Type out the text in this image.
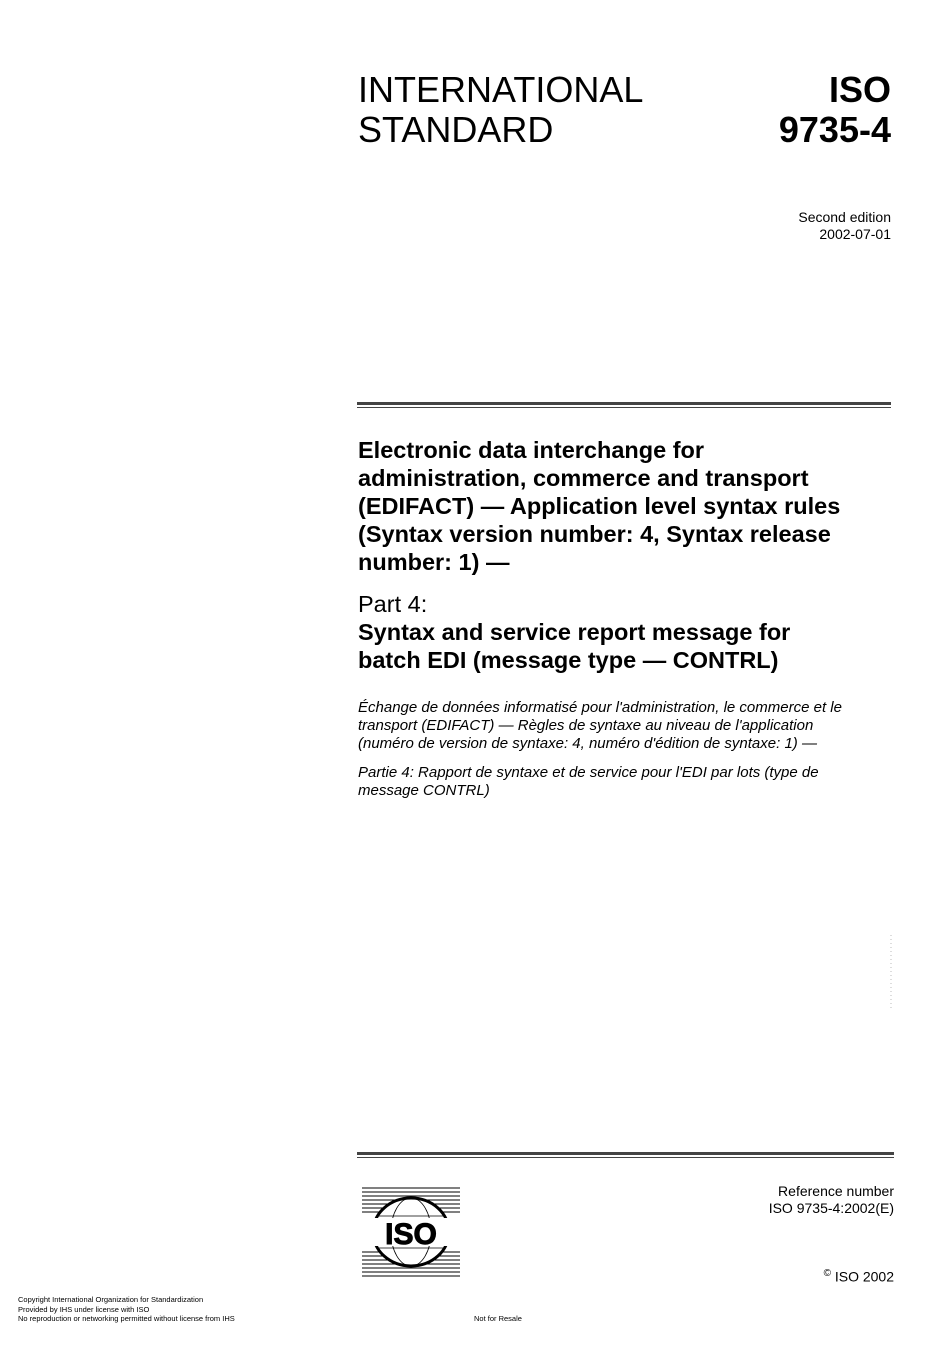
INTERNATIONAL
STANDARD
ISO
9735-4
Second edition
2002-07-01
Electronic data interchange for
administration, commerce and transport
(EDIFACT) — Application level syntax rules
(Syntax version number: 4, Syntax release
number: 1) —
Part 4:
Syntax and service report message for
batch EDI (message type — CONTRL)
Échange de données informatisé pour l'administration, le commerce et le
transport (EDIFACT) — Règles de syntaxe au niveau de l'application
(numéro de version de syntaxe: 4, numéro d'édition de syntaxe: 1) —
Partie 4: Rapport de syntaxe et de service pour l'EDI par lots (type de
message CONTRL)
ISO
Reference number
ISO 9735-4:2002(E)
© ISO 2002
Copyright International Organization for Standardization
Provided by IHS under license with ISO
No reproduction or networking permitted without license from IHS	Not for Resale
